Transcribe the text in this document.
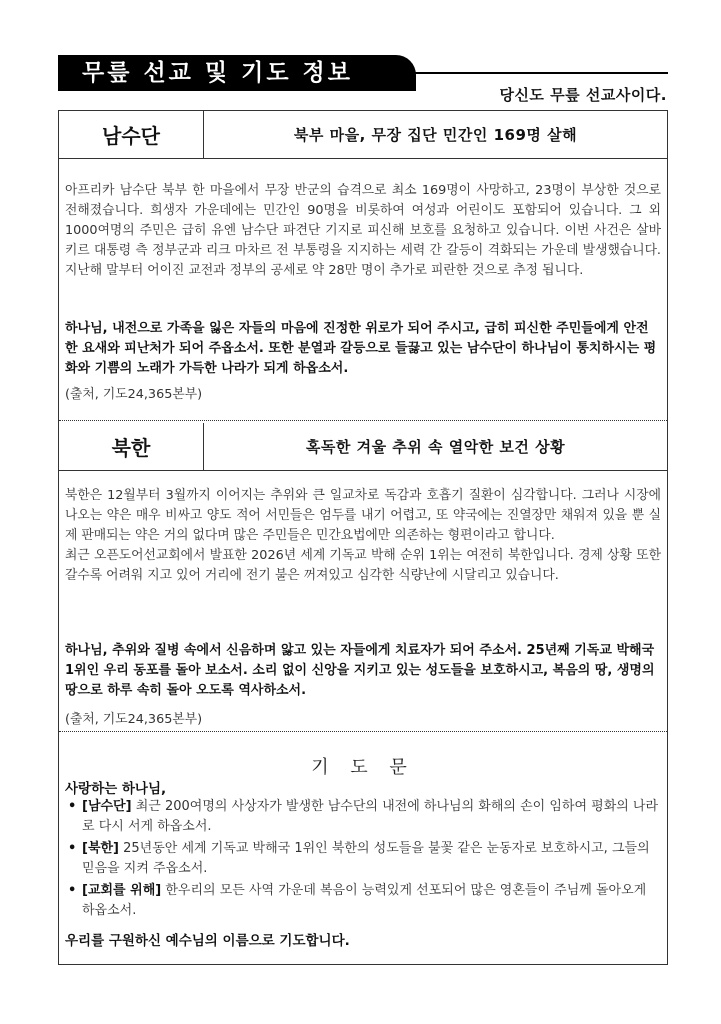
무릎 선교 및 기도 정보
당신도 무릎 선교사이다.
남수단	북부 마을, 무장 집단 민간인 169명 살해

아프리카 남수단 북부 한 마을에서 무장 반군의 습격으로 최소 169명이 사망하고, 23명이 부상한 것으로 전해졌습니다. 희생자 가운데에는 민간인 90명을 비롯하여 여성과 어린이도 포함되어 있습니다. 그 외 1000여명의 주민은 급히 유엔 남수단 파견단 기지로 피신해 보호를 요청하고 있습니다. 이번 사건은 살바키르 대통령 측 정부군과 리크 마차르 전 부통령을 지지하는 세력 간 갈등이 격화되는 가운데 발생했습니다. 지난해 말부터 어이진 교전과 정부의 공세로 약 28만 명이 추가로 피란한 것으로 추정 됩니다.

하나님, 내전으로 가족을 잃은 자들의 마음에 진정한 위로가 되어 주시고, 급히 피신한 주민들에게 안전한 요새와 피난처가 되어 주옵소서. 또한 분열과 갈등으로 들끓고 있는 남수단이 하나님이 통치하시는 평화와 기쁨의 노래가 가득한 나라가 되게 하옵소서.
(출처, 기도24,365본부)
북한	혹독한 겨울 추위 속 열악한 보건 상황

북한은 12월부터 3월까지 이어지는 추위와 큰 일교차로 독감과 호흡기 질환이 심각합니다. 그러나 시장에 나오는 약은 매우 비싸고 양도 적어 서민들은 엄두를 내기 어렵고, 또 약국에는 진열장만 채워져 있을 뿐 실제 판매되는 약은 거의 없다며 많은 주민들은 민간요법에만 의존하는 형편이라고 합니다.

최근 오픈도어선교회에서 발표한 2026년 세계 기독교 박해 순위 1위는 여전히 북한입니다. 경제 상황 또한 갈수록 어려워 지고 있어 거리에 전기 불은 꺼져있고 심각한 식량난에 시달리고 있습니다.

하나님, 추위와 질병 속에서 신음하며 앓고 있는 자들에게 치료자가 되어 주소서. 25년째 기독교 박해국 1위인 우리 동포를 돌아 보소서. 소리 없이 신앙을 지키고 있는 성도들을 보호하시고, 복음의 땅, 생명의 땅으로 하루 속히 돌아 오도록 역사하소서.
(출처, 기도24,365본부)
기 도 문
사랑하는 하나님,
• [남수단] 최근 200여명의 사상자가 발생한 남수단의 내전에 하나님의 화해의 손이 임하여 평화의 나라로 다시 서게 하옵소서.
• [북한] 25년동안 세계 기독교 박해국 1위인 북한의 성도들을 불꽃 같은 눈동자로 보호하시고, 그들의 믿음을 지켜 주옵소서.
• [교회를 위해] 한우리의 모든 사역 가운데 복음이 능력있게 선포되어 많은 영혼들이 주님께 돌아오게 하옵소서.
우리를 구원하신 예수님의 이름으로 기도합니다.
